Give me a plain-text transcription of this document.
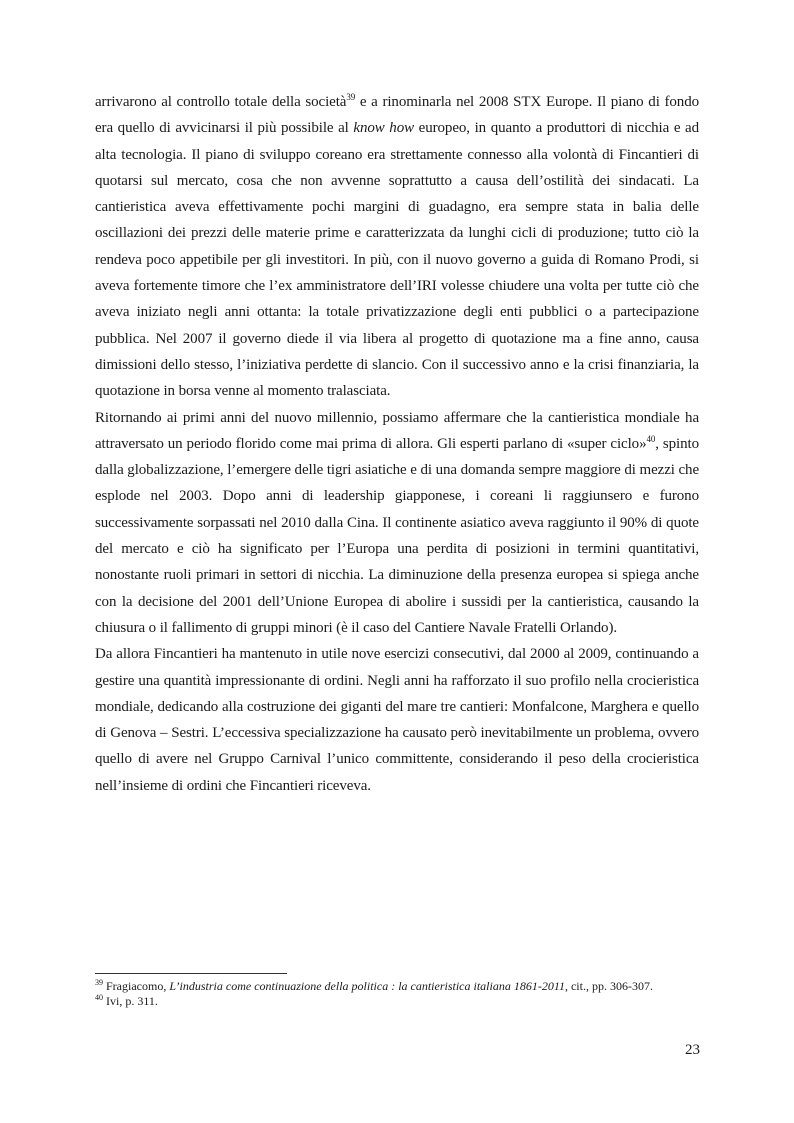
arrivarono al controllo totale della società$^{39}$ e a rinominarla nel 2008 STX Europe. Il piano di fondo era quello di avvicinarsi il più possibile al know how europeo, in quanto a produttori di nicchia e ad alta tecnologia. Il piano di sviluppo coreano era strettamente connesso alla volontà di Fincantieri di quotarsi sul mercato, cosa che non avvenne soprattutto a causa dell’ostilità dei sindacati. La cantieristica aveva effettivamente pochi margini di guadagno, era sempre stata in balia delle oscillazioni dei prezzi delle materie prime e caratterizzata da lunghi cicli di produzione; tutto ciò la rendeva poco appetibile per gli investitori. In più, con il nuovo governo a guida di Romano Prodi, si aveva fortemente timore che l’ex amministratore dell’IRI volesse chiudere una volta per tutte ciò che aveva iniziato negli anni ottanta: la totale privatizzazione degli enti pubblici o a partecipazione pubblica. Nel 2007 il governo diede il via libera al progetto di quotazione ma a fine anno, causa dimissioni dello stesso, l’iniziativa perdette di slancio. Con il successivo anno e la crisi finanziaria, la quotazione in borsa venne al momento tralasciata.

Ritornando ai primi anni del nuovo millennio, possiamo affermare che la cantieristica mondiale ha attraversato un periodo florido come mai prima di allora. Gli esperti parlano di «super ciclo»$^{40}$, spinto dalla globalizzazione, l’emergere delle tigri asiatiche e di una domanda sempre maggiore di mezzi che esplode nel 2003. Dopo anni di leadership giapponese, i coreani li raggiunsero e furono successivamente sorpassati nel 2010 dalla Cina. Il continente asiatico aveva raggiunto il 90% di quote del mercato e ciò ha significato per l’Europa una perdita di posizioni in termini quantitativi, nonostante ruoli primari in settori di nicchia. La diminuzione della presenza europea si spiega anche con la decisione del 2001 dell’Unione Europea di abolire i sussidi per la cantieristica, causando la chiusura o il fallimento di gruppi minori (è il caso del Cantiere Navale Fratelli Orlando).

Da allora Fincantieri ha mantenuto in utile nove esercizi consecutivi, dal 2000 al 2009, continuando a gestire una quantità impressionante di ordini. Negli anni ha rafforzato il suo profilo nella crocieristica mondiale, dedicando alla costruzione dei giganti del mare tre cantieri: Monfalcone, Marghera e quello di Genova – Sestri. L’eccessiva specializzazione ha causato però inevitabilmente un problema, ovvero quello di avere nel Gruppo Carnival l’unico committente, considerando il peso della crocieristica nell’insieme di ordini che Fincantieri riceveva.

$^{39}$ Fragiacomo, L’industria come continuazione della politica : la cantieristica italiana 1861-2011, cit., pp. 306-307.
$^{40}$ Ivi, p. 311.
23
